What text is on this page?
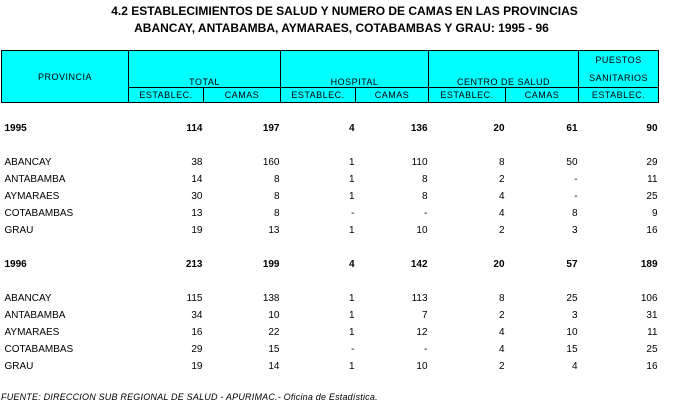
4.2 ESTABLECIMIENTOS DE SALUD Y NUMERO DE CAMAS EN LAS PROVINCIAS
ABANCAY, ANTABAMBA, AYMARAES, COTABAMBAS Y GRAU: 1995 - 96
PROVINCIA	TOTAL		HOSPITAL		CENTRO DE SALUD		PUESTOS
SANITARIOS
	ESTABLEC.	CAMAS	ESTABLEC.	CAMAS	ESTABLEC.	CAMAS	ESTABLEC.

1995	114	197	4	136	20	61	90

ABANCAY	38	160	1	110	8	50	29
ANTABAMBA	14	8	1	8	2	-	11
AYMARAES	30	8	1	8	4	-	25
COTABAMBAS	13	8	-	-	4	8	9
GRAU	19	13	1	10	2	3	16

1996	213	199	4	142	20	57	189

ABANCAY	115	138	1	113	8	25	106
ANTABAMBA	34	10	1	7	2	3	31
AYMARAES	16	22	1	12	4	10	11
COTABAMBAS	29	15	-	-	4	15	25
GRAU	19	14	1	10	2	4	16
FUENTE: DIRECCION SUB REGIONAL DE SALUD - APURIMAC.- Oficina de Estadística.
